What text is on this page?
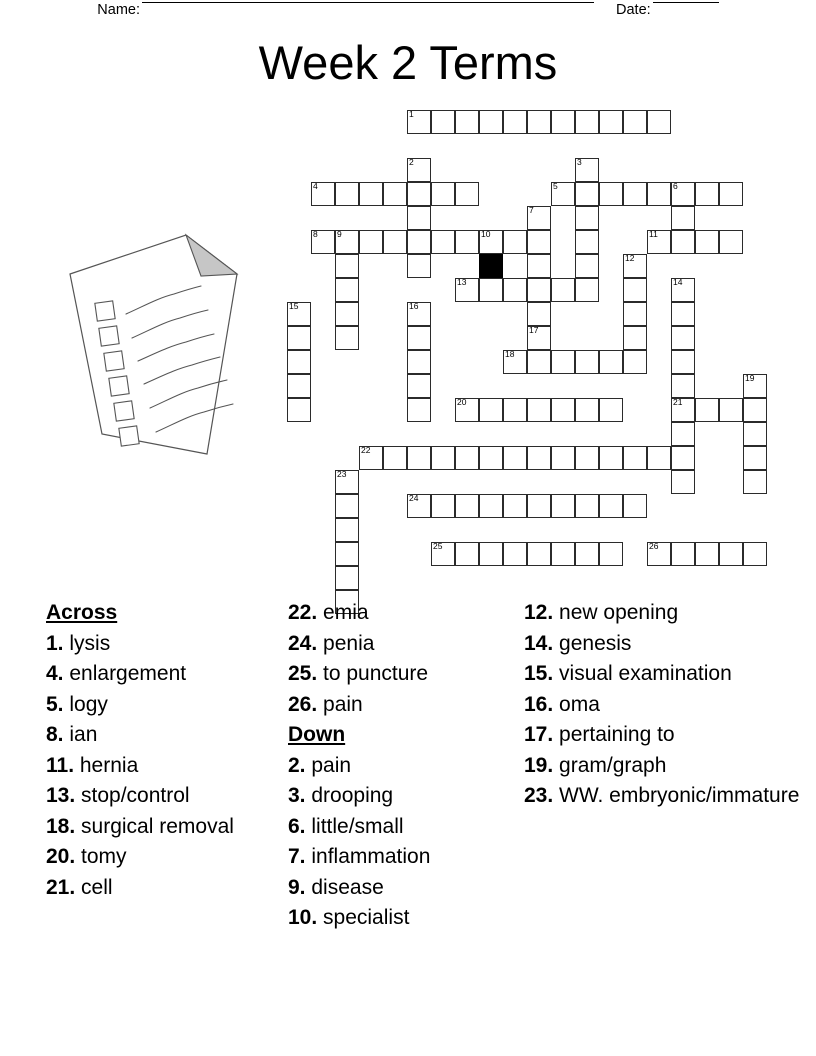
Name:	Date:
Week 2 Terms
1
2	3
4	5	6
7
8 9	10	11
12
13	14
21
15	16
17
18
19
20
22
23
24
25	26
Across
1. lysis
4. enlargement
5. logy
8. ian
11. hernia
13. stop/control
18. surgical removal
20. tomy
21. cell
22. emia
24. penia
25. to puncture
26. pain
Down
2. pain
3. drooping
6. little/small
7. inflammation
9. disease
10. specialist
12. new opening
14. genesis
15. visual examination
16. oma
17. pertaining to
19. gram/graph
23. WW. embryonic/immature
